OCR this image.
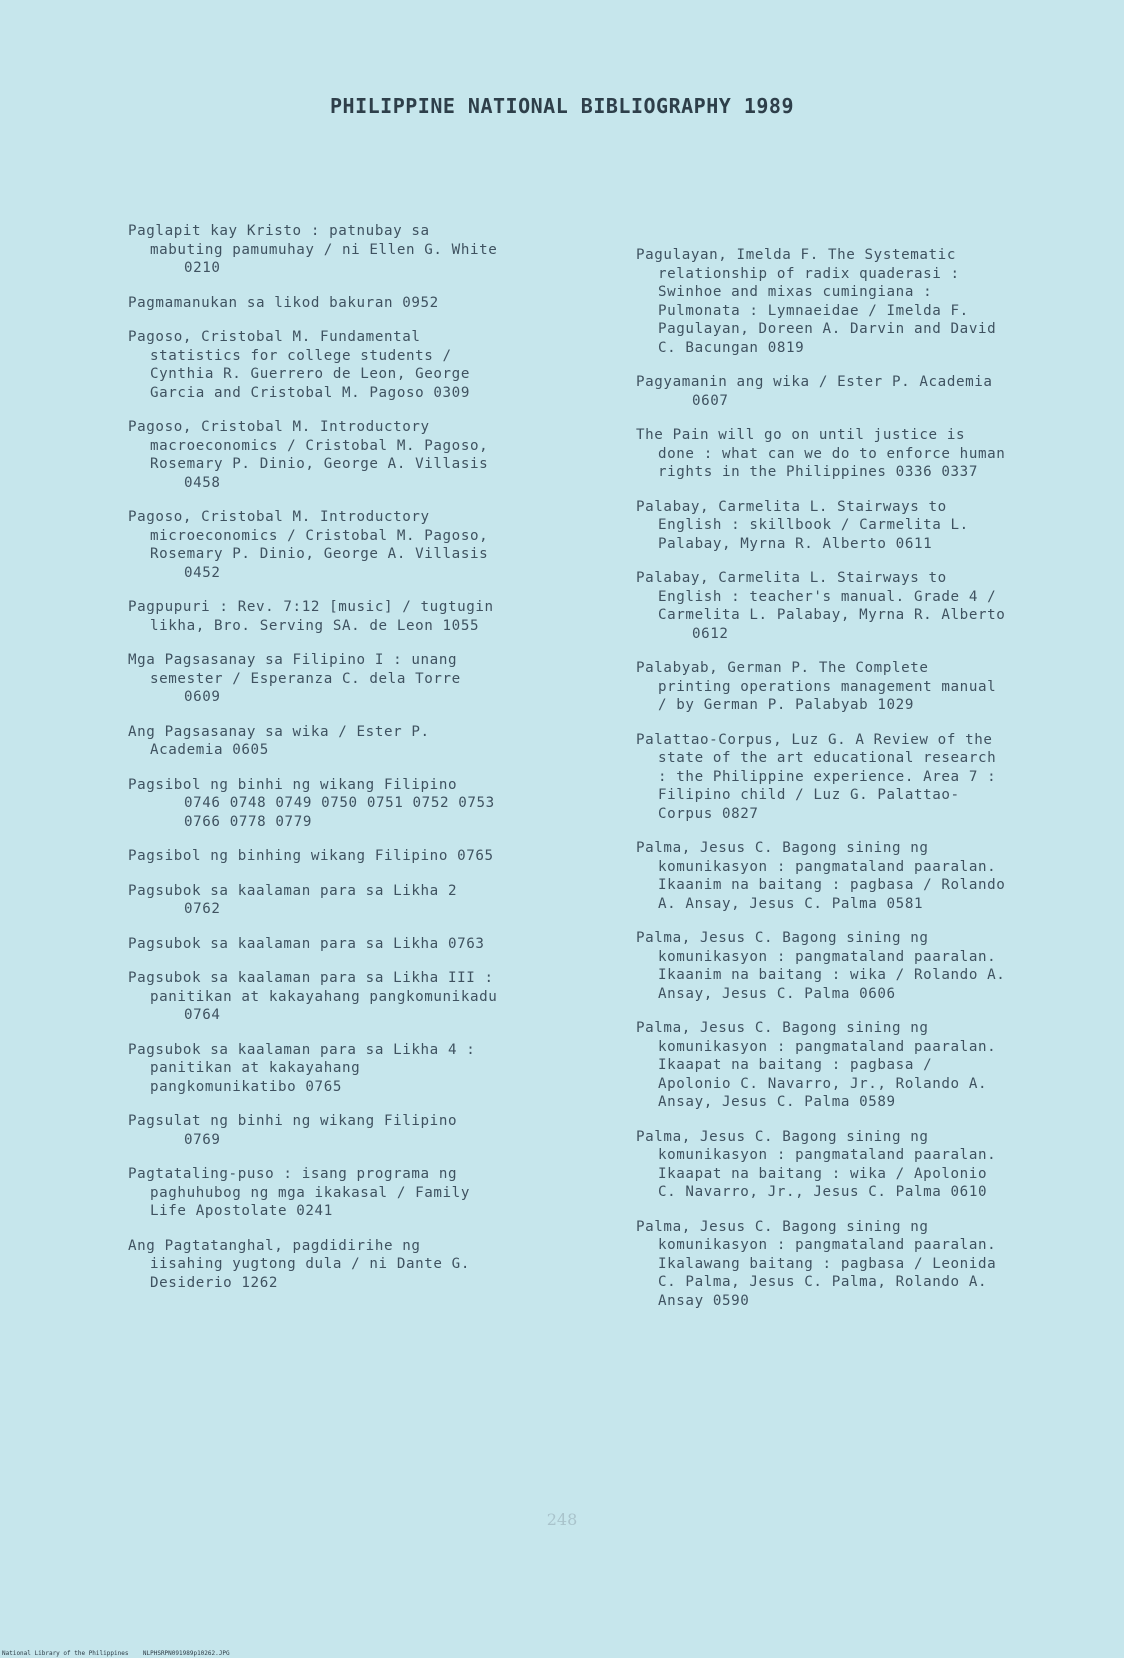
PHILIPPINE NATIONAL BIBLIOGRAPHY 1989
Paglapit kay Kristo : patnubay sa
mabuting pamumuhay / ni Ellen G. White
0210
Pagmamanukan sa likod bakuran 0952
Pagoso, Cristobal M. Fundamental
statistics for college students /
Cynthia R. Guerrero de Leon, George
Garcia and Cristobal M. Pagoso 0309
Pagoso, Cristobal M. Introductory
macroeconomics / Cristobal M. Pagoso,
Rosemary P. Dinio, George A. Villasis
0458
Pagoso, Cristobal M. Introductory
microeconomics / Cristobal M. Pagoso,
Rosemary P. Dinio, George A. Villasis
0452
Pagpupuri : Rev. 7:12 [music] / tugtugin
likha, Bro. Serving SA. de Leon 1055
Mga Pagsasanay sa Filipino I : unang
semester / Esperanza C. dela Torre
0609
Ang Pagsasanay sa wika / Ester P.
Academia 0605
Pagsibol ng binhi ng wikang Filipino
0746 0748 0749 0750 0751 0752 0753
0766 0778 0779
Pagsibol ng binhing wikang Filipino 0765
Pagsubok sa kaalaman para sa Likha 2
0762
Pagsubok sa kaalaman para sa Likha 0763
Pagsubok sa kaalaman para sa Likha III :
panitikan at kakayahang pangkomunikadu
0764
Pagsubok sa kaalaman para sa Likha 4 :
panitikan at kakayahang
pangkomunikatibo 0765
Pagsulat ng binhi ng wikang Filipino
0769
Pagtataling-puso : isang programa ng
paghuhubog ng mga ikakasal / Family
Life Apostolate 0241
Ang Pagtatanghal, pagdidirihe ng
iisahing yugtong dula / ni Dante G.
Desiderio 1262
Pagulayan, Imelda F. The Systematic
relationship of radix quaderasi :
Swinhoe and mixas cumingiana :
Pulmonata : Lymnaeidae / Imelda F.
Pagulayan, Doreen A. Darvin and David
C. Bacungan 0819
Pagyamanin ang wika / Ester P. Academia
0607
The Pain will go on until justice is
done : what can we do to enforce human
rights in the Philippines 0336 0337
Palabay, Carmelita L. Stairways to
English : skillbook / Carmelita L.
Palabay, Myrna R. Alberto 0611
Palabay, Carmelita L. Stairways to
English : teacher's manual. Grade 4 /
Carmelita L. Palabay, Myrna R. Alberto
0612
Palabyab, German P. The Complete
printing operations management manual
/ by German P. Palabyab 1029
Palattao-Corpus, Luz G. A Review of the
state of the art educational research
: the Philippine experience. Area 7 :
Filipino child / Luz G. Palattao-
Corpus 0827
Palma, Jesus C. Bagong sining ng
komunikasyon : pangmataland paaralan.
Ikaanim na baitang : pagbasa / Rolando
A. Ansay, Jesus C. Palma 0581
Palma, Jesus C. Bagong sining ng
komunikasyon : pangmataland paaralan.
Ikaanim na baitang : wika / Rolando A.
Ansay, Jesus C. Palma 0606
Palma, Jesus C. Bagong sining ng
komunikasyon : pangmataland paaralan.
Ikaapat na baitang : pagbasa /
Apolonio C. Navarro, Jr., Rolando A.
Ansay, Jesus C. Palma 0589
Palma, Jesus C. Bagong sining ng
komunikasyon : pangmataland paaralan.
Ikaapat na baitang : wika / Apolonio
C. Navarro, Jr., Jesus C. Palma 0610
Palma, Jesus C. Bagong sining ng
komunikasyon : pangmataland paaralan.
Ikalawang baitang : pagbasa / Leonida
C. Palma, Jesus C. Palma, Rolando A.
Ansay 0590
248
National Library of the Philippines    NLPHSRPN091989p10262.JPG
